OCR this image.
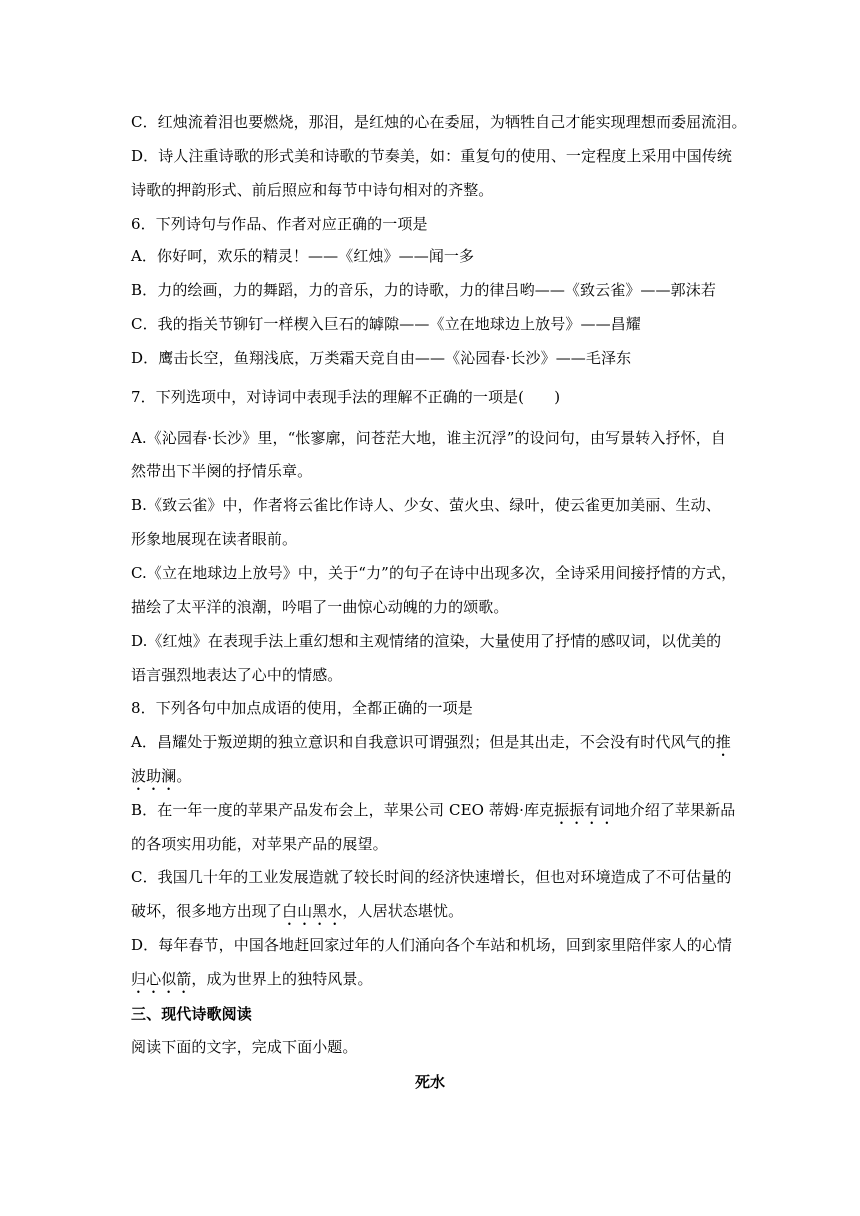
C．红烛流着泪也要燃烧，那泪，是红烛的心在委屈，为牺牲自己才能实现理想而委屈流泪。
D．诗人注重诗歌的形式美和诗歌的节奏美，如：重复句的使用、一定程度上采用中国传统
诗歌的押韵形式、前后照应和每节中诗句相对的齐整。
6．下列诗句与作品、作者对应正确的一项是
A．你好呵，欢乐的精灵！——《红烛》——闻一多
B．力的绘画，力的舞蹈，力的音乐，力的诗歌，力的律吕哟——《致云雀》——郭沫若
C．我的指关节铆钉一样楔入巨石的罅隙——《立在地球边上放号》——昌耀
D．鹰击长空，鱼翔浅底，万类霜天竞自由——《沁园春·长沙》——毛泽东
7．下列选项中，对诗词中表现手法的理解不正确的一项是(　　)
A.《沁园春·长沙》里，“怅寥廓，问苍茫大地，谁主沉浮”的设问句，由写景转入抒怀，自
然带出下半阕的抒情乐章。
B.《致云雀》中，作者将云雀比作诗人、少女、萤火虫、绿叶，使云雀更加美丽、生动、
形象地展现在读者眼前。
C.《立在地球边上放号》中，关于“力”的句子在诗中出现多次，全诗采用间接抒情的方式，
描绘了太平洋的浪潮，吟唱了一曲惊心动魄的力的颂歌。
D.《红烛》在表现手法上重幻想和主观情绪的渲染，大量使用了抒情的感叹词，以优美的
语言强烈地表达了心中的情感。
8．下列各句中加点成语的使用，全都正确的一项是
A．昌耀处于叛逆期的独立意识和自我意识可谓强烈；但是其出走，不会没有时代风气的推
波助澜。
B．在一年一度的苹果产品发布会上，苹果公司 CEO 蒂姆·库克振振有词地介绍了苹果新品
的各项实用功能，对苹果产品的展望。
C．我国几十年的工业发展造就了较长时间的经济快速增长，但也对环境造成了不可估量的
破坏，很多地方出现了白山黑水，人居状态堪忧。
D．每年春节，中国各地赶回家过年的人们涌向各个车站和机场，回到家里陪伴家人的心情
归心似箭，成为世界上的独特风景。
三、现代诗歌阅读
阅读下面的文字，完成下面小题。
死水
